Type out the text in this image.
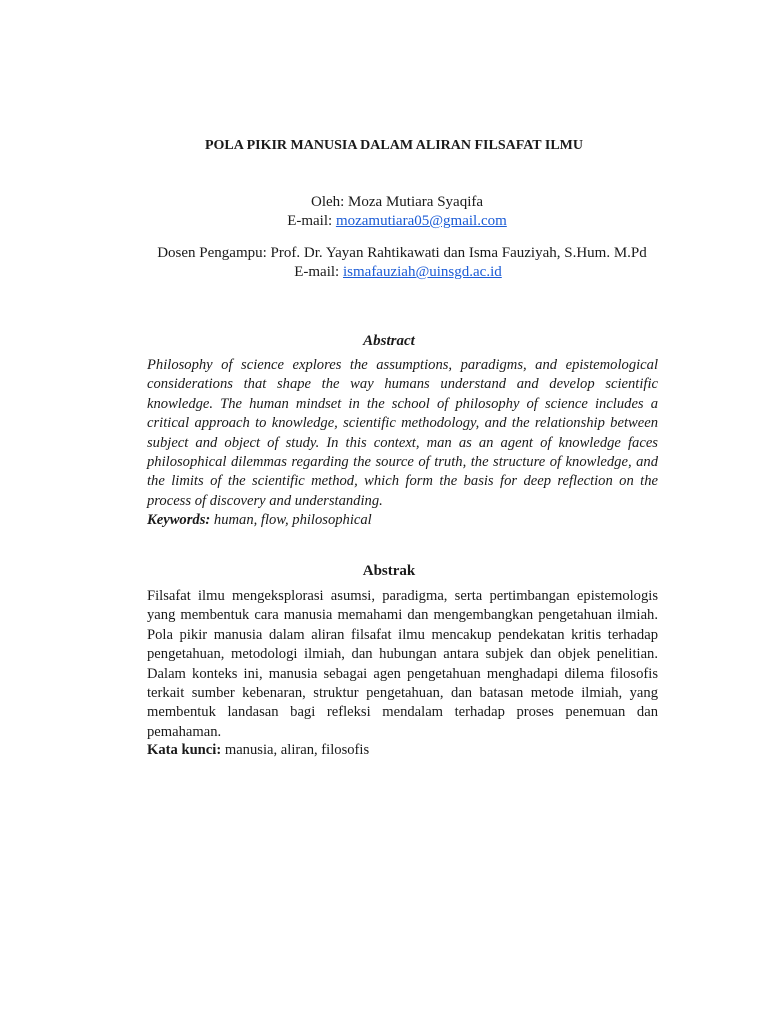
POLA PIKIR MANUSIA DALAM ALIRAN FILSAFAT ILMU
Oleh: Moza Mutiara Syaqifa
E-mail: mozamutiara05@gmail.com
Dosen Pengampu: Prof. Dr. Yayan Rahtikawati dan Isma Fauziyah, S.Hum. M.Pd
E-mail: ismafauziah@uinsgd.ac.id
Abstract
Philosophy of science explores the assumptions, paradigms, and epistemological considerations that shape the way humans understand and develop scientific knowledge. The human mindset in the school of philosophy of science includes a critical approach to knowledge, scientific methodology, and the relationship between subject and object of study. In this context, man as an agent of knowledge faces philosophical dilemmas regarding the source of truth, the structure of knowledge, and the limits of the scientific method, which form the basis for deep reflection on the process of discovery and understanding.
Keywords: human, flow, philosophical
Abstrak
Filsafat ilmu mengeksplorasi asumsi, paradigma, serta pertimbangan epistemologis yang membentuk cara manusia memahami dan mengembangkan pengetahuan ilmiah. Pola pikir manusia dalam aliran filsafat ilmu mencakup pendekatan kritis terhadap pengetahuan, metodologi ilmiah, dan hubungan antara subjek dan objek penelitian. Dalam konteks ini, manusia sebagai agen pengetahuan menghadapi dilema filosofis terkait sumber kebenaran, struktur pengetahuan, dan batasan metode ilmiah, yang membentuk landasan bagi refleksi mendalam terhadap proses penemuan dan pemahaman.
Kata kunci: manusia, aliran, filosofis
